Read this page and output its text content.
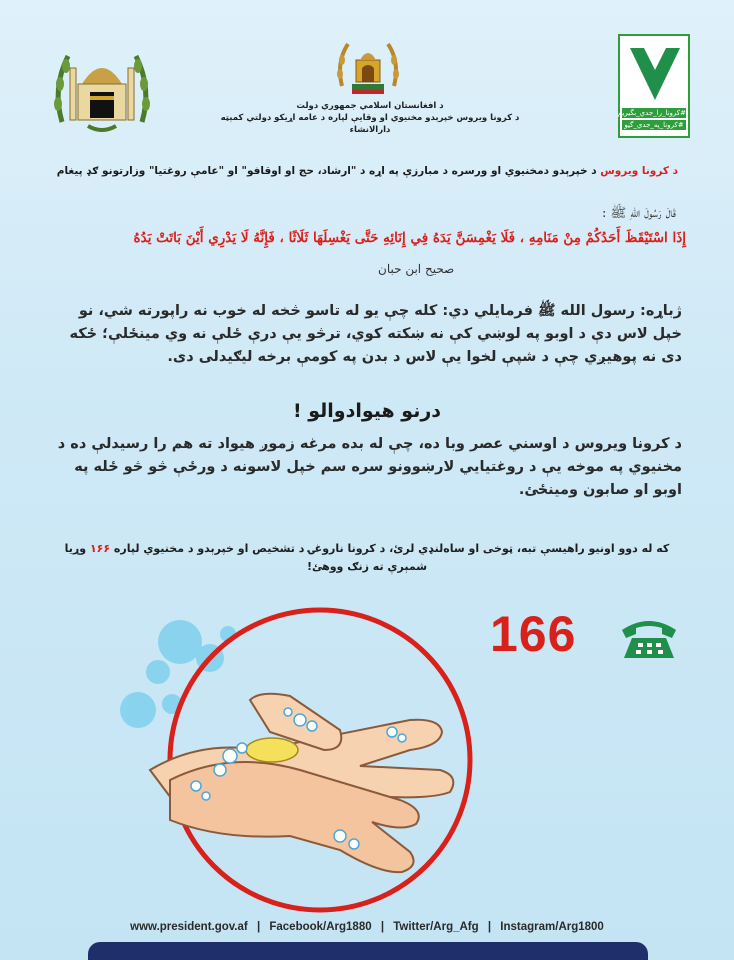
#کرونا_را_جدي_بگیریم
#کرونا_په_جدي_گڼو
د افغانستان اسلامي جمهوري دولت
د کرونا ویروس خپرېدو مخنیوي او وقایې لپاره د عامه اړیکو دولتي کمېټه
دارالانشاء
د کرونا ویروس د خپرېدو دمخنیوي او ورسره د مبارزې په اړه د "ارشاد، حج او اوقافو" او "عامې روغتیا" وزارتونو ګډ پیغام
قَالَ رَسُولَ اللهِ ﷺ :
إِذَا اسْتَيْقَظَ أَحَدُكُمْ مِنْ مَنَامِهِ ، فَلَا يَغْمِسَنَّ يَدَهُ فِي إِنَائِهِ حَتَّى يَغْسِلَهَا ثَلَاثًا ، فَإِنَّهُ لَا يَدْرِي أَيْنَ بَاتَتْ يَدُهُ
صحيح ابن حبان
ژباړه: رسول الله ﷺ فرمایلي دي: کله چې یو له تاسو څخه له خوب نه راپورته شي، نو خپل لاس دې د اوبو په لوښي کې نه ښکته کوي، ترڅو یې درې ځلې نه وي مینځلې؛ ځکه دی نه پوهیږي چې د شپې لخوا یې لاس د بدن په کومې برخه لیګیدلی دی.
درنو هیوادوالو !
د کرونا ویروس د اوسني عصر وبا ده، چې له بده مرغه زموږ هیواد ته هم را رسیدلې ده د مخنیوي په موخه یې د روغتیايي لارښوونو سره سم خپل لاسونه د ورځې څو څو ځله په اوبو او صابون ومینځئ.
که له دوو اونیو راهیسې تبه، ټوخی او ساه‌لنډي لرئ، د کرونا ناروغۍ د تشخیص او خپرېدو د مخنیوي لپاره ۱۶۶ وړیا شمېرې ته زنګ ووهئ!
166
www.president.gov.af | Facebook/Arg1880 | Twitter/Arg_Afg | Instagram/Arg1800
